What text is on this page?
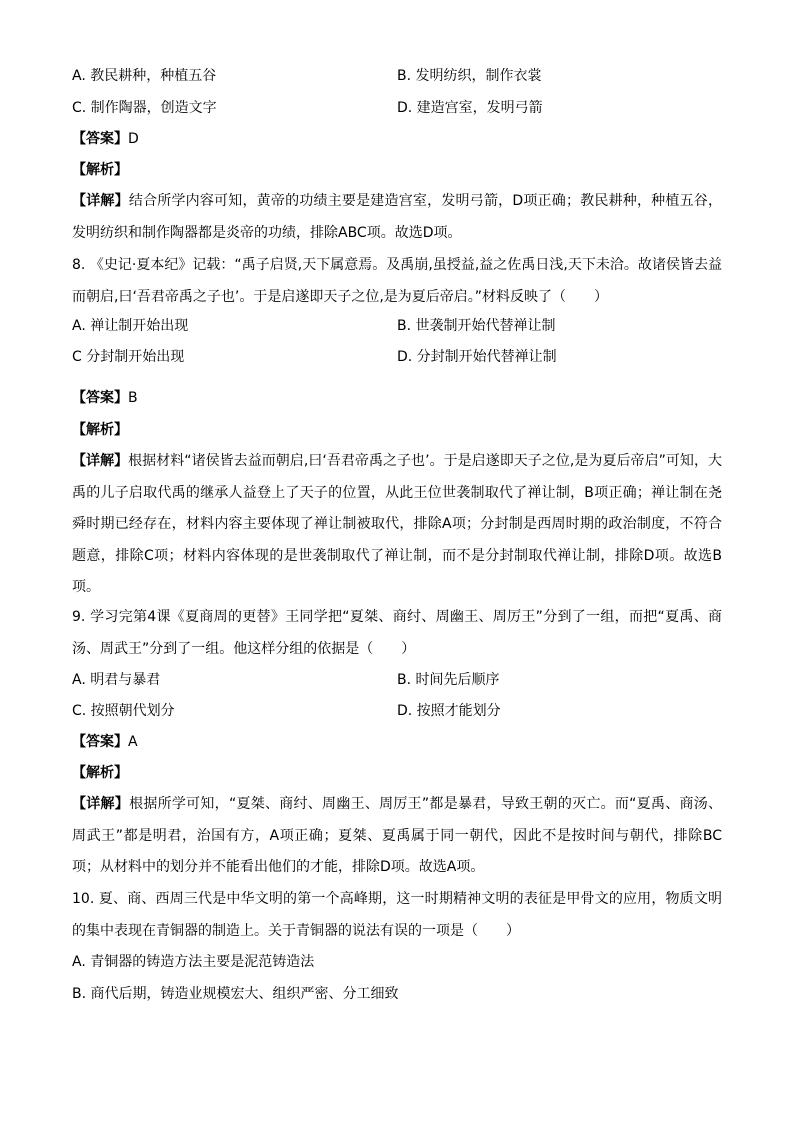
A. 教民耕种，种植五谷	B. 发明纺织，制作衣裳
C. 制作陶器，创造文字	D. 建造宫室，发明弓箭
【答案】D
【解析】
【详解】结合所学内容可知，黄帝的功绩主要是建造宫室，发明弓箭，D项正确；教民耕种，种植五谷，发明纺织和制作陶器都是炎帝的功绩，排除ABC项。故选D项。
8. 《史记·夏本纪》记载：“禹子启贤,天下属意焉。及禹崩,虽授益,益之佐禹日浅,天下未洽。故诸侯皆去益而朝启,曰‘吾君帝禹之子也’。于是启遂即天子之位,是为夏后帝启。”材料反映了（　　）
A. 禅让制开始出现	B. 世袭制开始代替禅让制
C 分封制开始出现	D. 分封制开始代替禅让制
【答案】B
【解析】
【详解】根据材料“诸侯皆去益而朝启,曰‘吾君帝禹之子也’。于是启遂即天子之位,是为夏后帝启”可知，大禹的儿子启取代禹的继承人益登上了天子的位置，从此王位世袭制取代了禅让制，B项正确；禅让制在尧舜时期已经存在，材料内容主要体现了禅让制被取代，排除A项；分封制是西周时期的政治制度，不符合题意，排除C项；材料内容体现的是世袭制取代了禅让制，而不是分封制取代禅让制，排除D项。故选B项。
9. 学习完第4课《夏商周的更替》王同学把“夏桀、商纣、周幽王、周厉王”分到了一组，而把“夏禹、商汤、周武王”分到了一组。他这样分组的依据是（　　）
A. 明君与暴君	B. 时间先后顺序
C. 按照朝代划分	D. 按照才能划分
【答案】A
【解析】
【详解】根据所学可知，“夏桀、商纣、周幽王、周厉王”都是暴君，导致王朝的灭亡。而“夏禹、商汤、周武王”都是明君，治国有方，A项正确；夏桀、夏禹属于同一朝代，因此不是按时间与朝代，排除BC项；从材料中的划分并不能看出他们的才能，排除D项。故选A项。
10. 夏、商、西周三代是中华文明的第一个高峰期，这一时期精神文明的表征是甲骨文的应用，物质文明的集中表现在青铜器的制造上。关于青铜器的说法有误的一项是（　　）
A. 青铜器的铸造方法主要是泥范铸造法
B. 商代后期，铸造业规模宏大、组织严密、分工细致
